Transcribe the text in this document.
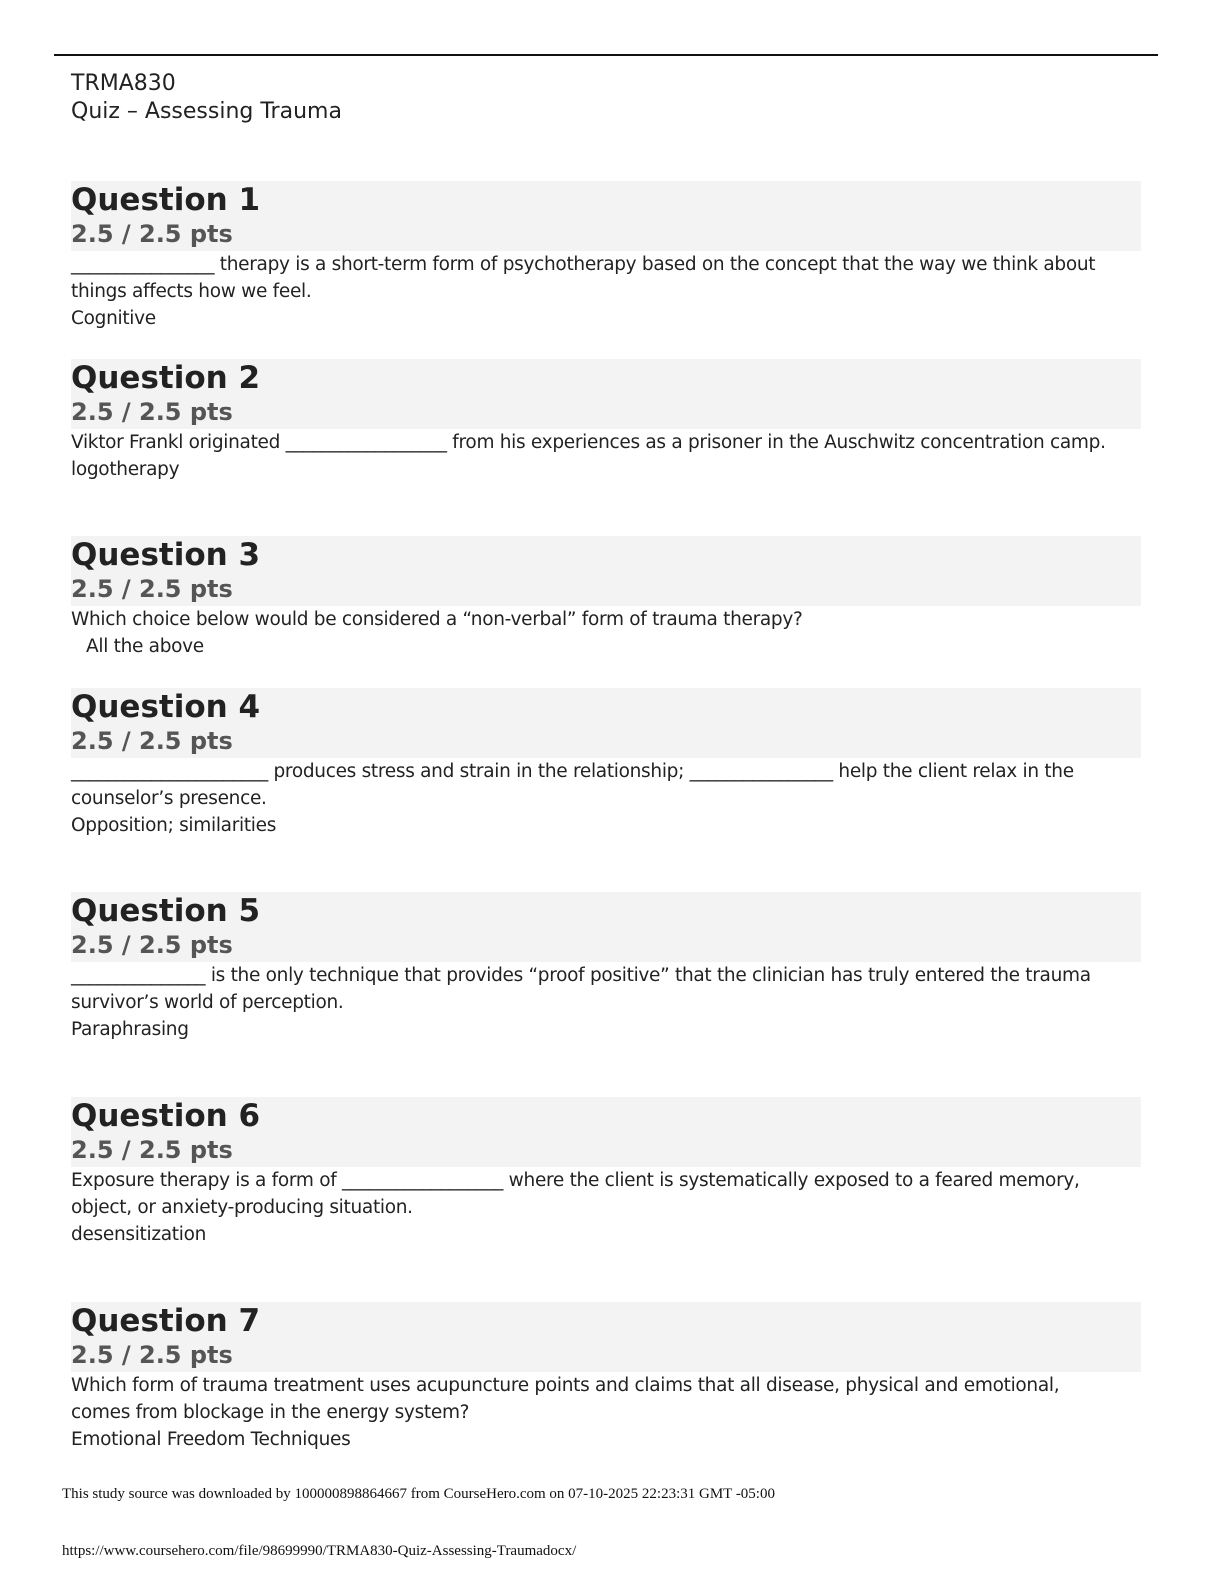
TRMA830
Quiz – Assessing Trauma
Question 1
2.5 / 2.5 pts
________________ therapy is a short-term form of psychotherapy based on the concept that the way we think about things affects how we feel.
Cognitive
Question 2
2.5 / 2.5 pts
Viktor Frankl originated __________________ from his experiences as a prisoner in the Auschwitz concentration camp.
logotherapy
Question 3
2.5 / 2.5 pts
Which choice below would be considered a “non-verbal” form of trauma therapy?
All the above
Question 4
2.5 / 2.5 pts
______________________ produces stress and strain in the relationship; ________________ help the client relax in the counselor’s presence.
Opposition; similarities
Question 5
2.5 / 2.5 pts
_______________ is the only technique that provides “proof positive” that the clinician has truly entered the trauma survivor’s world of perception.
Paraphrasing
Question 6
2.5 / 2.5 pts
Exposure therapy is a form of __________________ where the client is systematically exposed to a feared memory, object, or anxiety-producing situation.
desensitization
Question 7
2.5 / 2.5 pts
Which form of trauma treatment uses acupuncture points and claims that all disease, physical and emotional, comes from blockage in the energy system?
Emotional Freedom Techniques
This study source was downloaded by 100000898864667 from CourseHero.com on 07-10-2025 22:23:31 GMT -05:00
https://www.coursehero.com/file/98699990/TRMA830-Quiz-Assessing-Traumadocx/
